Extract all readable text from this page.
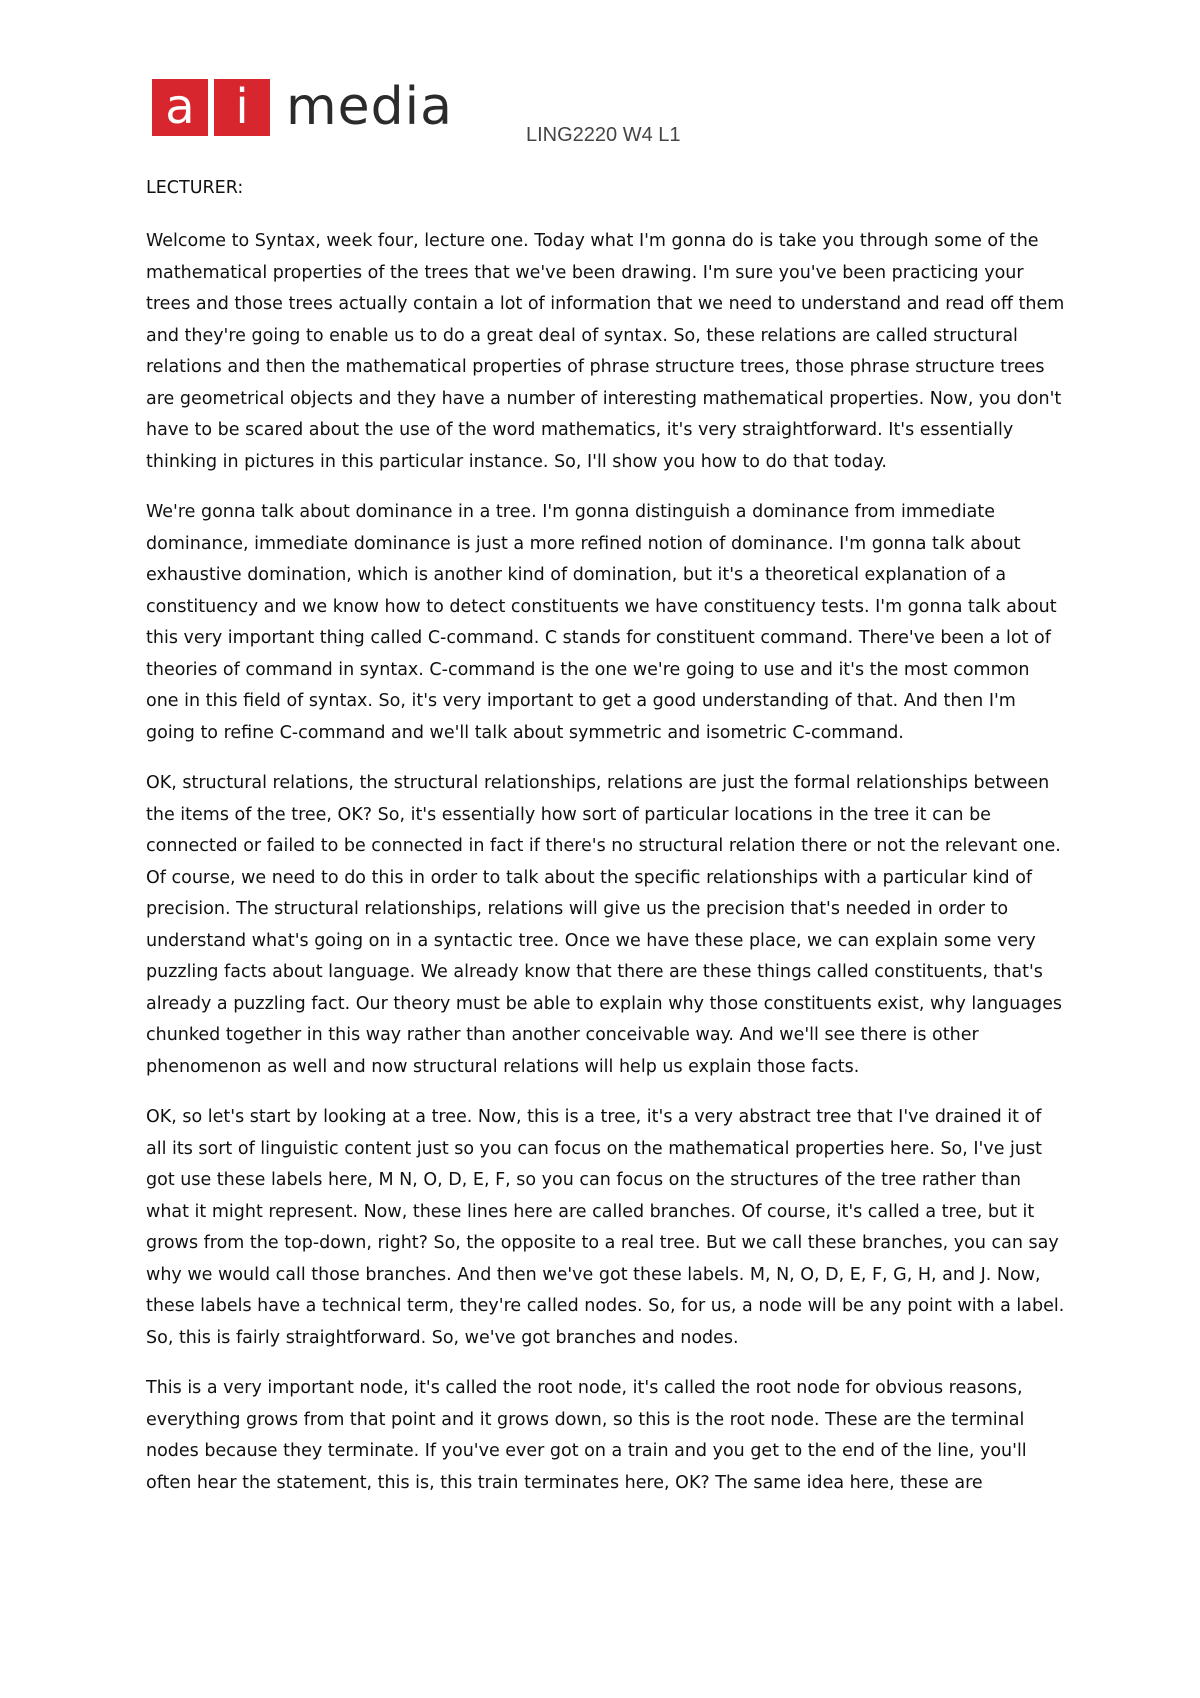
a i media	LING2220 W4 L1
LECTURER:

Welcome to Syntax, week four, lecture one. Today what I'm gonna do is take you through some of the mathematical properties of the trees that we've been drawing. I'm sure you've been practicing your trees and those trees actually contain a lot of information that we need to understand and read off them and they're going to enable us to do a great deal of syntax. So, these relations are called structural relations and then the mathematical properties of phrase structure trees, those phrase structure trees are geometrical objects and they have a number of interesting mathematical properties. Now, you don't have to be scared about the use of the word mathematics, it's very straightforward. It's essentially thinking in pictures in this particular instance. So, I'll show you how to do that today.

We're gonna talk about dominance in a tree. I'm gonna distinguish a dominance from immediate dominance, immediate dominance is just a more refined notion of dominance. I'm gonna talk about exhaustive domination, which is another kind of domination, but it's a theoretical explanation of a constituency and we know how to detect constituents we have constituency tests. I'm gonna talk about this very important thing called C-command. C stands for constituent command. There've been a lot of theories of command in syntax. C-command is the one we're going to use and it's the most common one in this field of syntax. So, it's very important to get a good understanding of that. And then I'm going to refine C-command and we'll talk about symmetric and isometric C-command.

OK, structural relations, the structural relationships, relations are just the formal relationships between the items of the tree, OK? So, it's essentially how sort of particular locations in the tree it can be connected or failed to be connected in fact if there's no structural relation there or not the relevant one. Of course, we need to do this in order to talk about the specific relationships with a particular kind of precision. The structural relationships, relations will give us the precision that's needed in order to understand what's going on in a syntactic tree. Once we have these place, we can explain some very puzzling facts about language. We already know that there are these things called constituents, that's already a puzzling fact. Our theory must be able to explain why those constituents exist, why languages chunked together in this way rather than another conceivable way. And we'll see there is other phenomenon as well and now structural relations will help us explain those facts.

OK, so let's start by looking at a tree. Now, this is a tree, it's a very abstract tree that I've drained it of all its sort of linguistic content just so you can focus on the mathematical properties here. So, I've just got use these labels here, M N, O, D, E, F, so you can focus on the structures of the tree rather than what it might represent. Now, these lines here are called branches. Of course, it's called a tree, but it grows from the top-down, right? So, the opposite to a real tree. But we call these branches, you can say why we would call those branches. And then we've got these labels. M, N, O, D, E, F, G, H, and J. Now, these labels have a technical term, they're called nodes. So, for us, a node will be any point with a label. So, this is fairly straightforward. So, we've got branches and nodes.

This is a very important node, it's called the root node, it's called the root node for obvious reasons, everything grows from that point and it grows down, so this is the root node. These are the terminal nodes because they terminate. If you've ever got on a train and you get to the end of the line, you'll often hear the statement, this is, this train terminates here, OK? The same idea here, these are
